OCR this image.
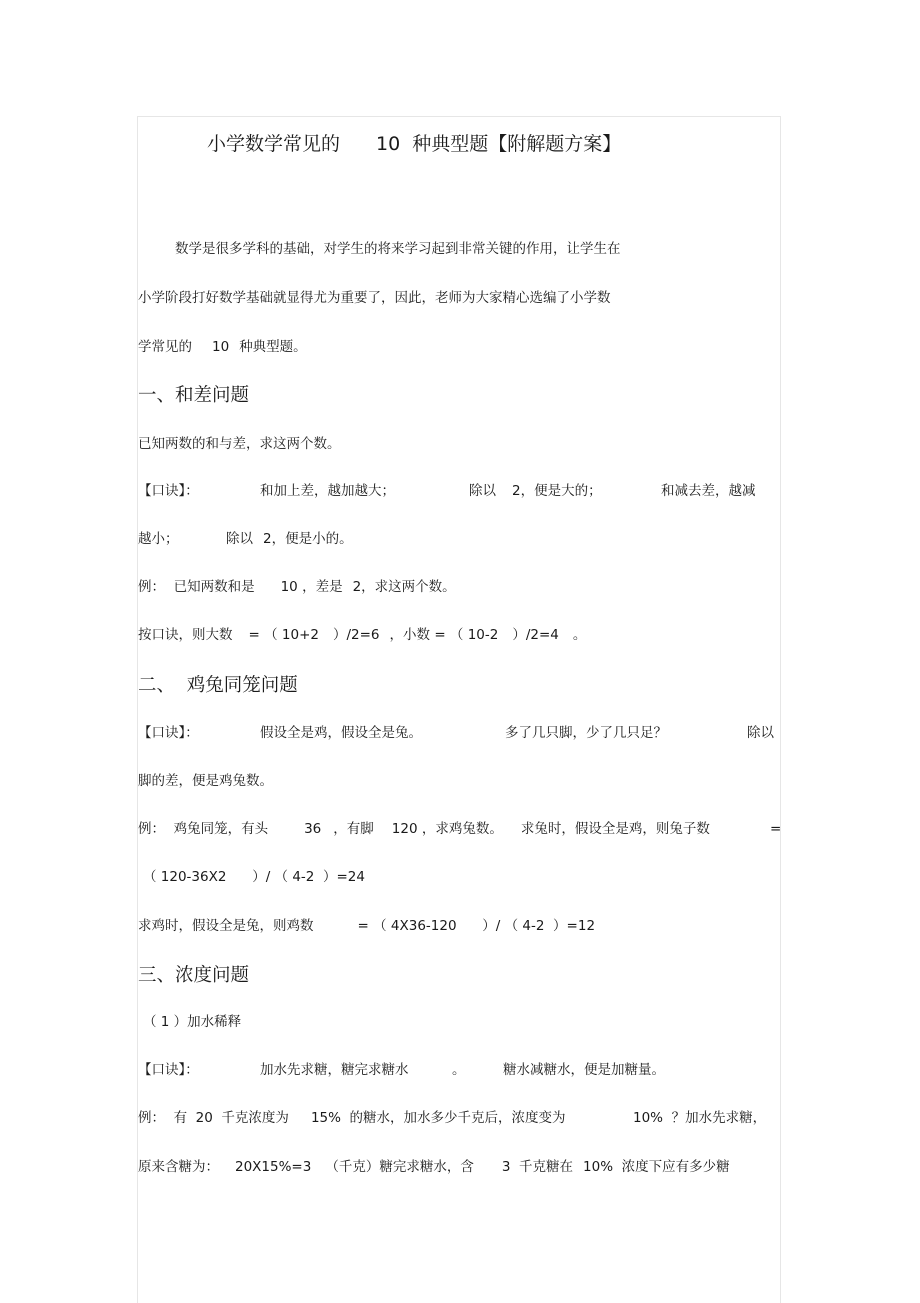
小学数学常见的 10 种典型题【附解题方案】
数学是很多学科的基础，对学生的将来学习起到非常关键的作用，让学生在
小学阶段打好数学基础就显得尤为重要了，因此，老师为大家精心选编了小学数
学常见的 10 种典型题。
一、和差问题
已知两数的和与差，求这两个数。
【口诀】：	和加上差，越加越大；	除以 2，便是大的；	和减去差，越减
越小；	除以 2，便是小的。
例：  已知两数和是 10 ，差是 2，求这两个数。
按口诀，则大数 = （ 10+2 ）/2=6 ，小数 = （ 10-2 ）/2=4 。
二、  鸡兔同笼问题
【口诀】：	假设全是鸡，假设全是兔。	多了几只脚，少了几只足？	除以
脚的差，便是鸡兔数。
例：  鸡兔同笼，有头	36 ，有脚 120 ，求鸡兔数。 求兔时，假设全是鸡，则兔子数	=
（ 120-36X2      ）/ （ 4-2  ）=24
求鸡时，假设全是兔，则鸡数	= （ 4X36-120      ）/ （ 4-2  ）=12
三、浓度问题
（ 1 ）加水稀释
【口诀】：	加水先求糖，糖完求糖水	。	糖水减糖水，便是加糖量。
例：  有  20  千克浓度为 15%  的糖水，加水多少千克后，浓度变为	10%  ？加水先求糖，
原来含糖为： 20X15%=3 （千克）糖完求糖水，含 3  千克糖在 10%  浓度下应有多少糖
